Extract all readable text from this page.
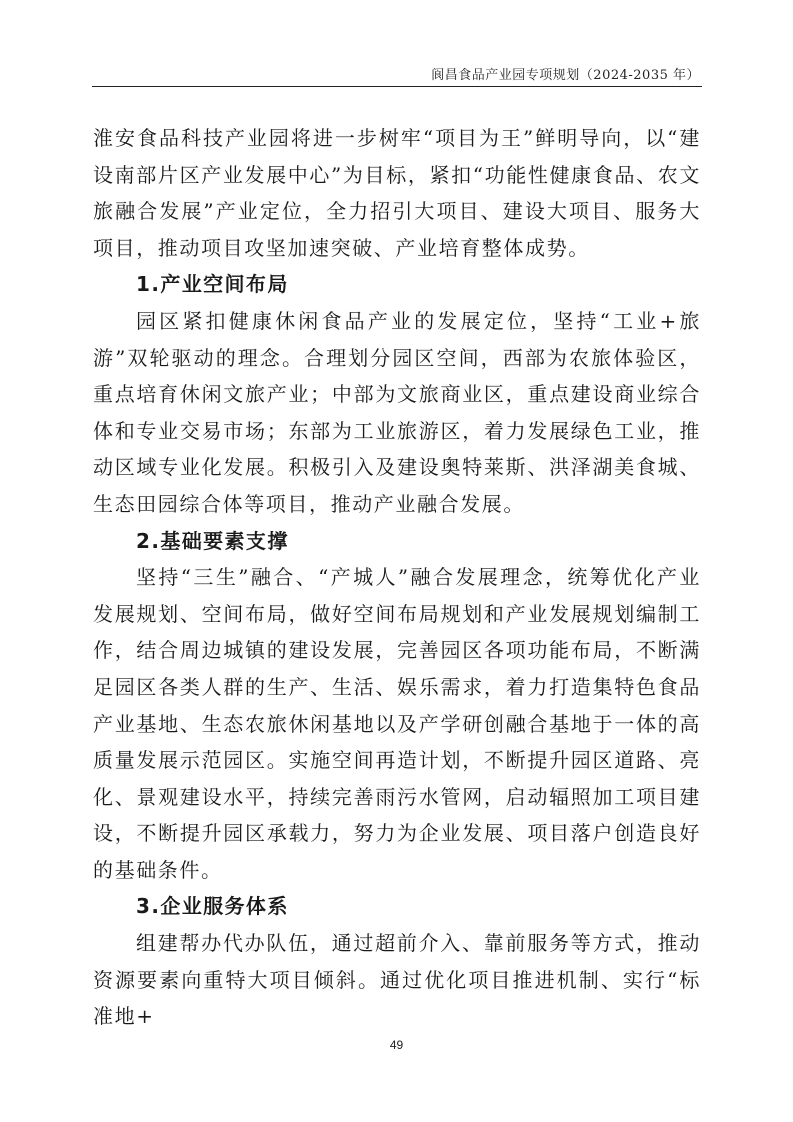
阆昌食品产业园专项规划（2024-2035 年）

淮安食品科技产业园将进一步树牢“项目为王”鲜明导向，以“建设南部片区产业发展中心”为目标，紧扣“功能性健康食品、农文旅融合发展”产业定位，全力招引大项目、建设大项目、服务大项目，推动项目攻坚加速突破、产业培育整体成势。

1.产业空间布局

园区紧扣健康休闲食品产业的发展定位，坚持“工业+旅游”双轮驱动的理念。合理划分园区空间，西部为农旅体验区，重点培育休闲文旅产业；中部为文旅商业区，重点建设商业综合体和专业交易市场；东部为工业旅游区，着力发展绿色工业，推动区域专业化发展。积极引入及建设奥特莱斯、洪泽湖美食城、生态田园综合体等项目，推动产业融合发展。

2.基础要素支撑

坚持“三生”融合、“产城人”融合发展理念，统筹优化产业发展规划、空间布局，做好空间布局规划和产业发展规划编制工作，结合周边城镇的建设发展，完善园区各项功能布局，不断满足园区各类人群的生产、生活、娱乐需求，着力打造集特色食品产业基地、生态农旅休闲基地以及产学研创融合基地于一体的高质量发展示范园区。实施空间再造计划，不断提升园区道路、亮化、景观建设水平，持续完善雨污水管网，启动辐照加工项目建设，不断提升园区承载力，努力为企业发展、项目落户创造良好的基础条件。

3.企业服务体系

组建帮办代办队伍，通过超前介入、靠前服务等方式，推动资源要素向重特大项目倾斜。通过优化项目推进机制、实行“标准地+

49
